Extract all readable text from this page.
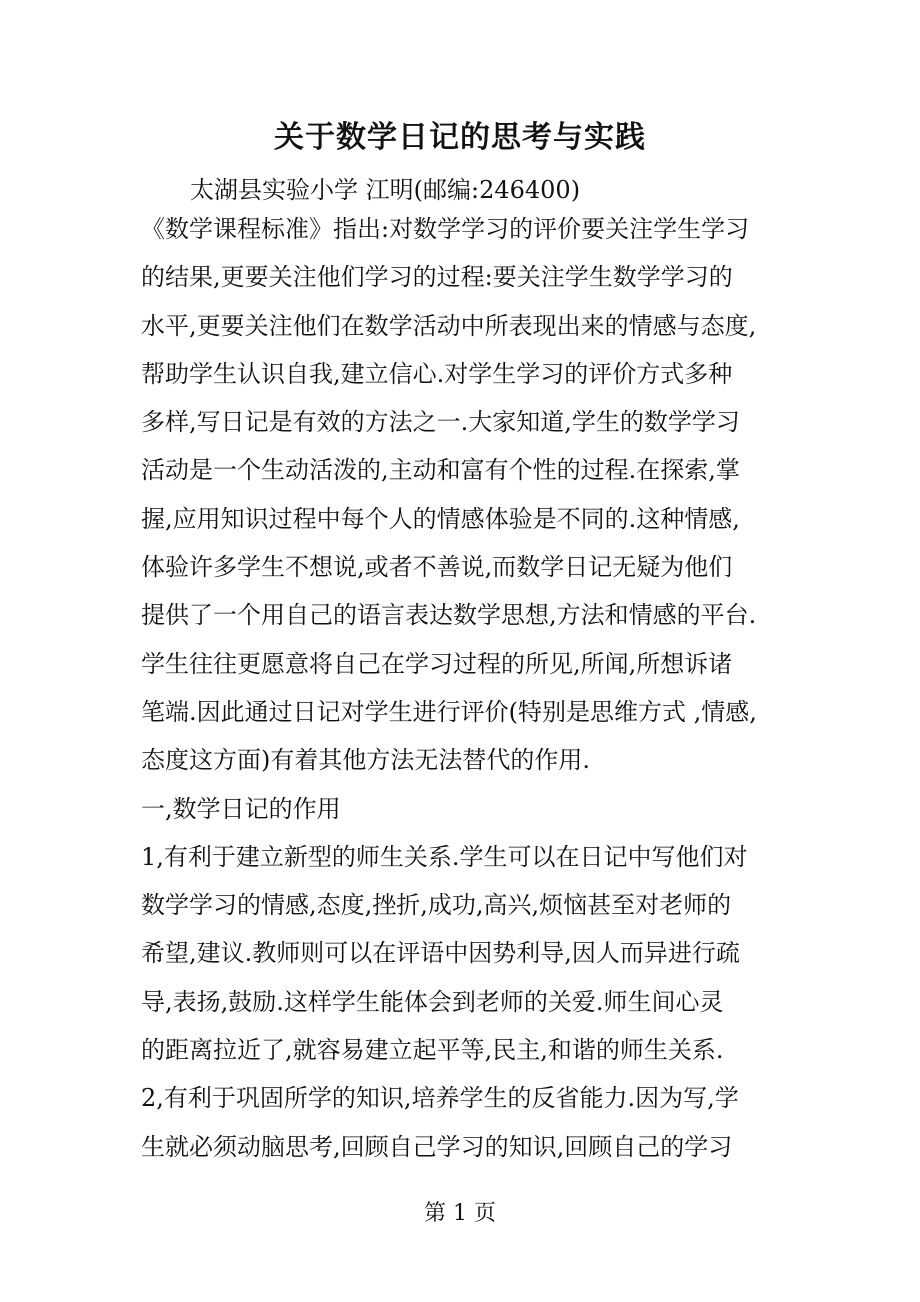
关于数学日记的思考与实践
太湖县实验小学 江明(邮编:246400)
《数学课程标准》指出:对数学学习的评价要关注学生学习
的结果,更要关注他们学习的过程:要关注学生数学学习的
水平,更要关注他们在数学活动中所表现出来的情感与态度,
帮助学生认识自我,建立信心.对学生学习的评价方式多种
多样,写日记是有效的方法之一.大家知道,学生的数学学习
活动是一个生动活泼的,主动和富有个性的过程.在探索,掌
握,应用知识过程中每个人的情感体验是不同的.这种情感,
体验许多学生不想说,或者不善说,而数学日记无疑为他们
提供了一个用自己的语言表达数学思想,方法和情感的平台.
学生往往更愿意将自己在学习过程的所见,所闻,所想诉诸
笔端.因此通过日记对学生进行评价(特别是思维方式 ,情感,
态度这方面)有着其他方法无法替代的作用.
一,数学日记的作用
1,有利于建立新型的师生关系.学生可以在日记中写他们对
数学学习的情感,态度,挫折,成功,高兴,烦恼甚至对老师的
希望,建议.教师则可以在评语中因势利导,因人而异进行疏
导,表扬,鼓励.这样学生能体会到老师的关爱.师生间心灵
的距离拉近了,就容易建立起平等,民主,和谐的师生关系.
2,有利于巩固所学的知识,培养学生的反省能力.因为写,学
生就必须动脑思考,回顾自己学习的知识,回顾自己的学习
第 1 页
